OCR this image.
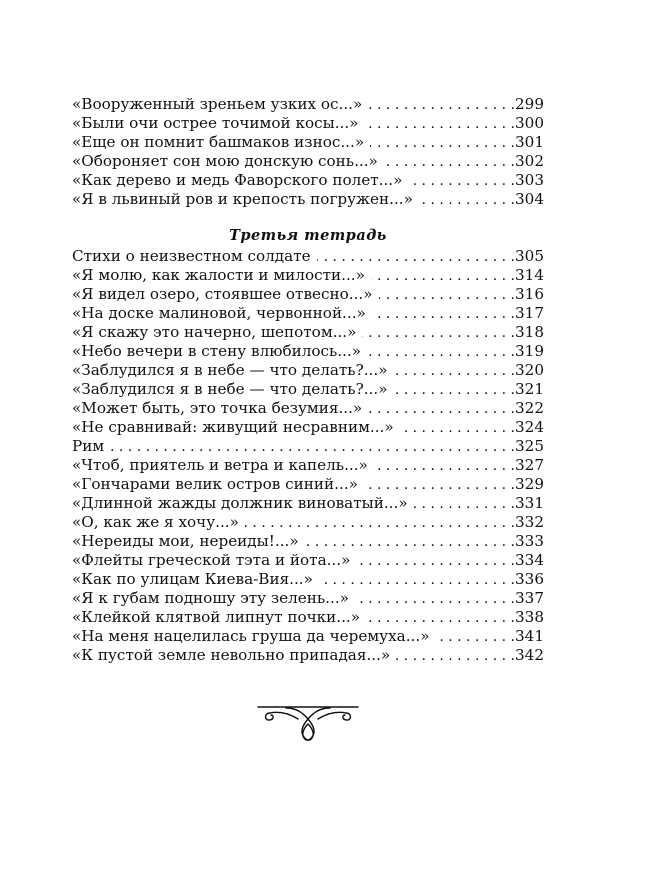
«Вооруженный зреньем узких ос...» . . .	299
«Были очи острее точимой косы...» . . .	300
«Еще он помнит башмаков износ...» . . .	301
«Обороняет сон мою донскую сонь...» . . .	302
«Как дерево и медь Фаворского полет...» . . .	303
«Я в львиный ров и крепость погружен...» . . .	304
Третья тетрадь
Стихи о неизвестном солдате . . .	305
«Я молю, как жалости и милости...» . . .	314
«Я видел озеро, стоявшее отвесно...» . . .	316
«На доске малиновой, червонной...» . . .	317
«Я скажу это начерно, шепотом...» . . .	318
«Небо вечери в стену влюбилось...» . . .	319
«Заблудился я в небе — что делать?...» . . .	320
«Заблудился я в небе — что делать?...» . . .	321
«Может быть, это точка безумия...» . . .	322
«Не сравнивай: живущий несравним...» . . .	324
Рим . . .	325
«Чтоб, приятель и ветра и капель...» . . .	327
«Гончарами велик остров синий...» . . .	329
«Длинной жажды должник виноватый...» . . .	331
«О, как же я хочу...» . . .	332
«Нереиды мои, нереиды!...» . . .	333
«Флейты греческой тэта и йота...» . . .	334
«Как по улицам Киева-Вия...» . . .	336
«Я к губам подношу эту зелень...» . . .	337
«Клейкой клятвой липнут почки...» . . .	338
«На меня нацелилась груша да черемуха...» . . .	341
«К пустой земле невольно припадая...» . . .	342
